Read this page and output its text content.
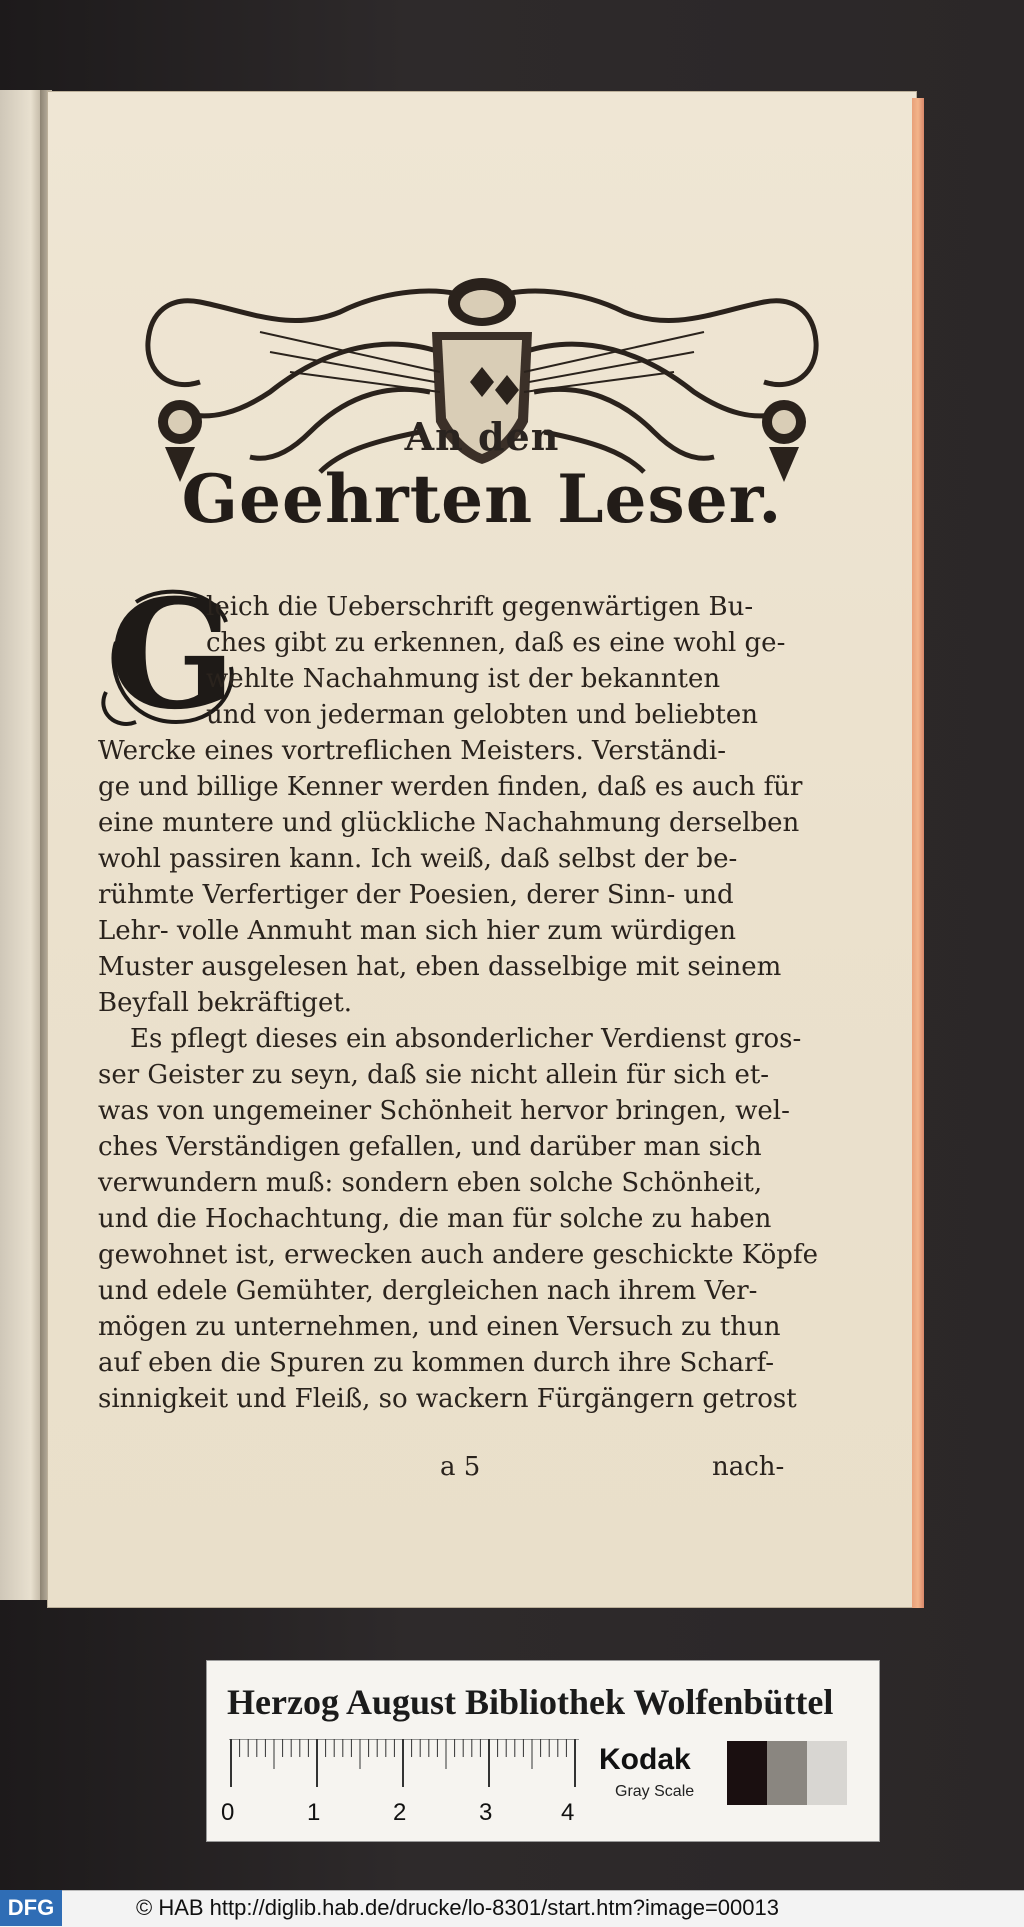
An den
Geehrten Leser.
G
leich die Ueberschrift gegenwärtigen Bu-
ches gibt zu erkennen, daß es eine wohl ge-
wehlte Nachahmung ist der bekannten
und von jederman gelobten und beliebten
Wercke eines vortreflichen Meisters. Verständi-
ge und billige Kenner werden finden, daß es auch für
eine muntere und glückliche Nachahmung derselben
wohl passiren kann. Ich weiß, daß selbst der be-
rühmte Verfertiger der Poesien, derer Sinn- und
Lehr- volle Anmuht man sich hier zum würdigen
Muster ausgelesen hat, eben dasselbige mit seinem
Beyfall bekräftiget.
Es pflegt dieses ein absonderlicher Verdienst gros-
ser Geister zu seyn, daß sie nicht allein für sich et-
was von ungemeiner Schönheit hervor bringen, wel-
ches Verständigen gefallen, und darüber man sich
verwundern muß: sondern eben solche Schönheit,
und die Hochachtung, die man für solche zu haben
gewohnet ist, erwecken auch andere geschickte Köpfe
und edele Gemühter, dergleichen nach ihrem Ver-
mögen zu unternehmen, und einen Versuch zu thun
auf eben die Spuren zu kommen durch ihre Scharf-
sinnigkeit und Fleiß, so wackern Fürgängern getrost
a 5	nach-
Herzog August Bibliothek Wolfenbüttel
0	1	2	3	4
Kodak
Gray Scale
DFG	© HAB http://diglib.hab.de/drucke/lo-8301/start.htm?image=00013
